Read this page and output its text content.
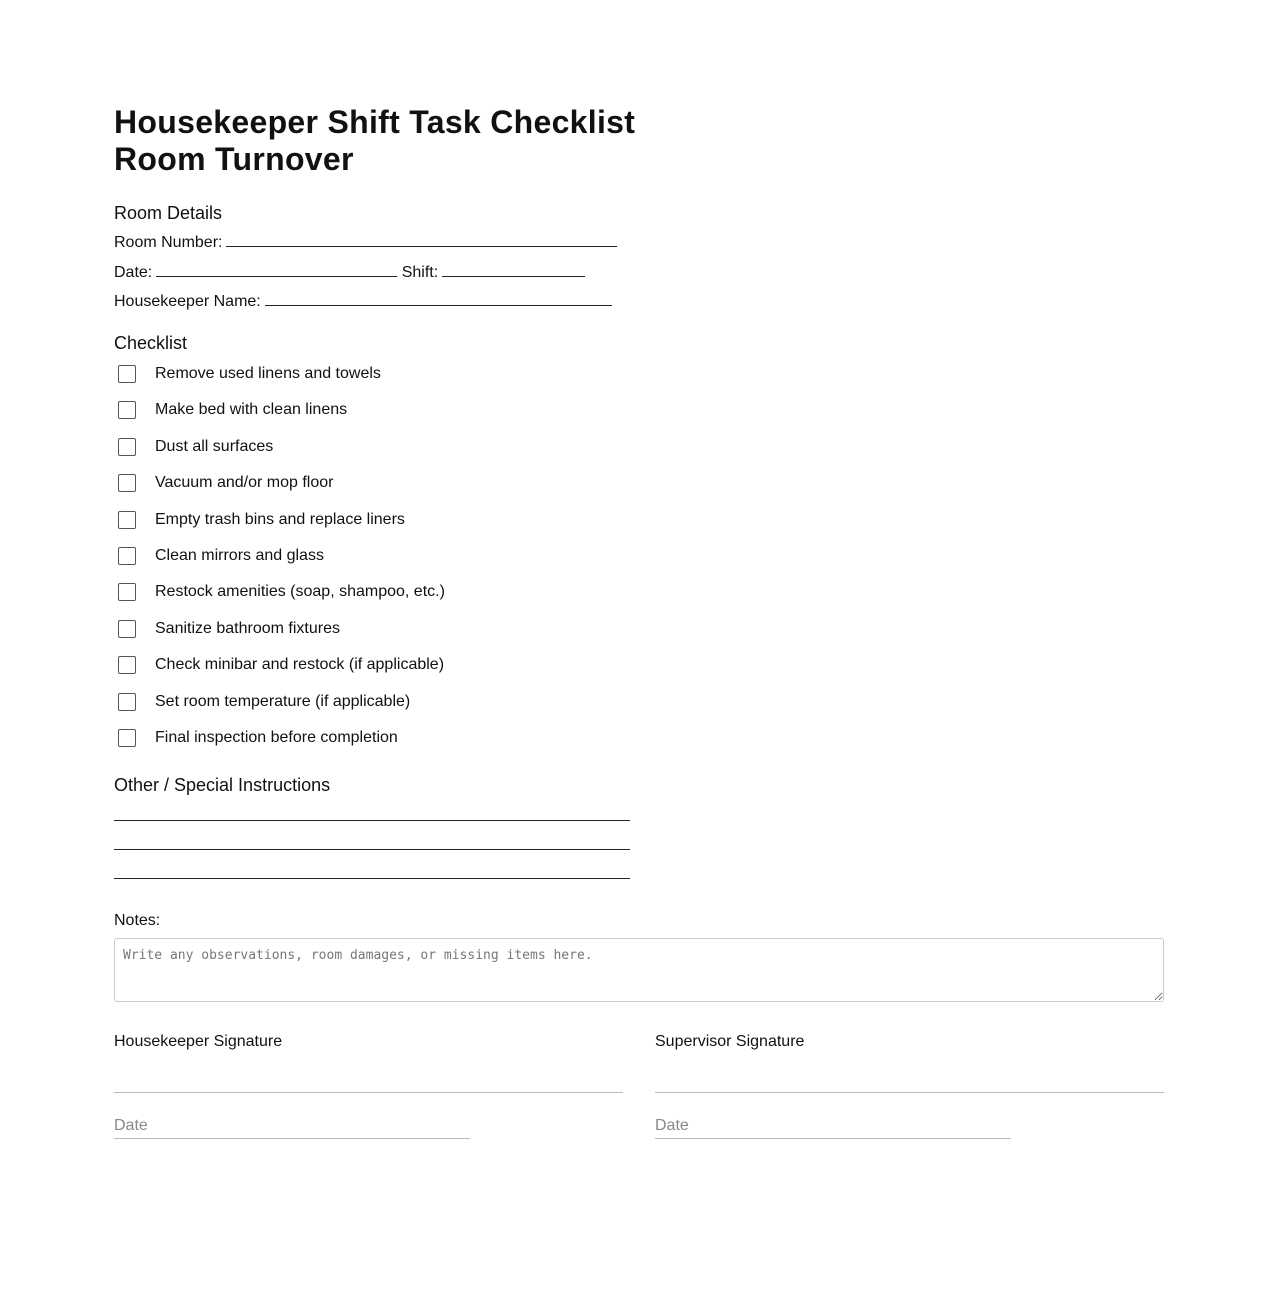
Housekeeper Shift Task Checklist
Room Turnover
Room Details
Room Number:
Date:	Shift:
Housekeeper Name:
Checklist
Remove used linens and towels
Make bed with clean linens
Dust all surfaces
Vacuum and/or mop floor
Empty trash bins and replace liners
Clean mirrors and glass
Restock amenities (soap, shampoo, etc.)
Sanitize bathroom fixtures
Check minibar and restock (if applicable)
Set room temperature (if applicable)
Final inspection before completion
Other / Special Instructions
Notes:
Write any observations, room damages, or missing items here.
Housekeeper Signature
Date	Supervisor Signature
Date
